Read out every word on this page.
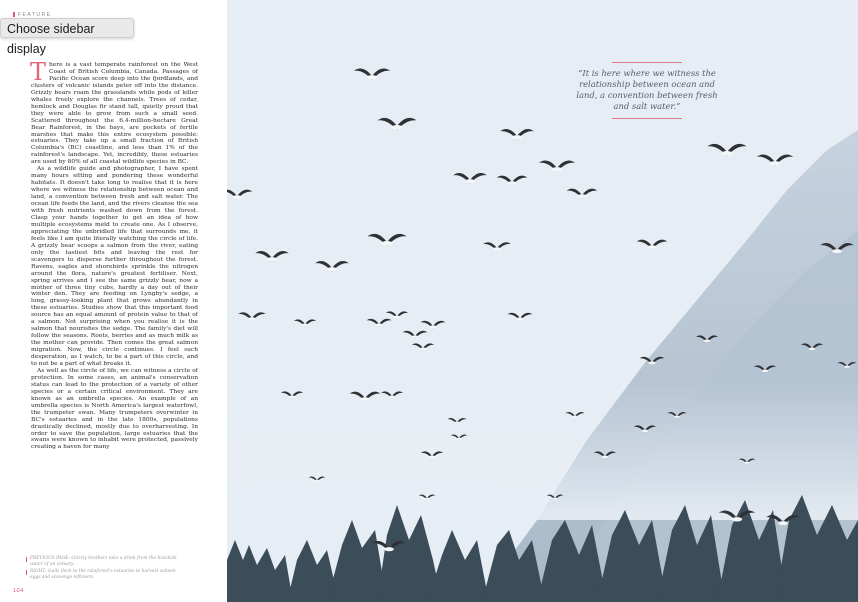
FEATURE

There is a vast temperate rainforest on the West Coast of British Columbia, Canada. Passages of Pacific Ocean score deep into the fjordlands, and clusters of volcanic islands peter off into the distance. Grizzly bears roam the grasslands while pods of killer whales freely explore the channels. Trees of cedar, hemlock and Douglas fir stand tall, quietly proud that they were able to grow from such a small seed. Scattered throughout the 6.4-million-hectare Great Bear Rainforest, in the bays, are pockets of fertile marshes that make this entire ecosystem possible: estuaries. They take up a small fraction of British Columbia's (BC) coastline, and less than 1% of the rainforest's landscape. Yet, incredibly, these estuaries are used by 80% of all coastal wildlife species in BC.

As a wildlife guide and photographer, I have spent many hours sitting and pondering these wonderful habitats. It doesn't take long to realise that it is here where we witness the relationship between ocean and land, a convention between fresh and salt water. The ocean life feeds the land, and the rivers cleanse the sea with fresh nutrients washed down from the forest. Clasp your hands together to get an idea of how multiple ecosystems meld to create one. As I observe, appreciating the unbridled life that surrounds me, it feels like I am quite literally watching the circle of life. A grizzly bear scoops a salmon from the river, eating only the tastiest bits and leaving the rest for scavengers to disperse further throughout the forest. Ravens, eagles and shorebirds sprinkle the nitrogen around the flora, nature's greatest fertiliser. Next, spring arrives and I see the same grizzly bear, now a mother of three tiny cubs, hardly a day out of their winter den. They are feeding on Lyngby's sedge, a long, grassy-looking plant that grows abundantly in these estuaries. Studies show that this important food source has an equal amount of protein value to that of a salmon. Not surprising when you realise it is the salmon that nourishes the sedge. The family's diet will follow the seasons. Roots, berries and as much milk as the mother can provide. Then comes the great salmon migration. Now, the circle continues. I feel such desperation, as I watch, to be a part of this circle, and to not be a part of what breaks it.

As well as the circle of life, we can witness a circle of protection. In some cases, an animal's conservation status can lead to the protection of a variety of other species or a certain critical environment. They are known as an umbrella species. An example of an umbrella species is North America's largest waterfowl, the trumpeter swan. Many trumpeters overwinter in BC's estuaries and in the late 1800s, populations drastically declined, mostly due to overharvesting. In order to save the population, large estuaries that the swans were known to inhabit were protected, passively creating a haven for many

PREVIOUS PAGE: Grizzly brothers take a drink from the brackish water of an estuary.
RIGHT: Gulls flock to the rainforest's estuaries to harvest salmon eggs and scavenge leftovers.
104
Choose sidebar display
“It is here where we witness the relationship between ocean and land, a convention between fresh and salt water.”
